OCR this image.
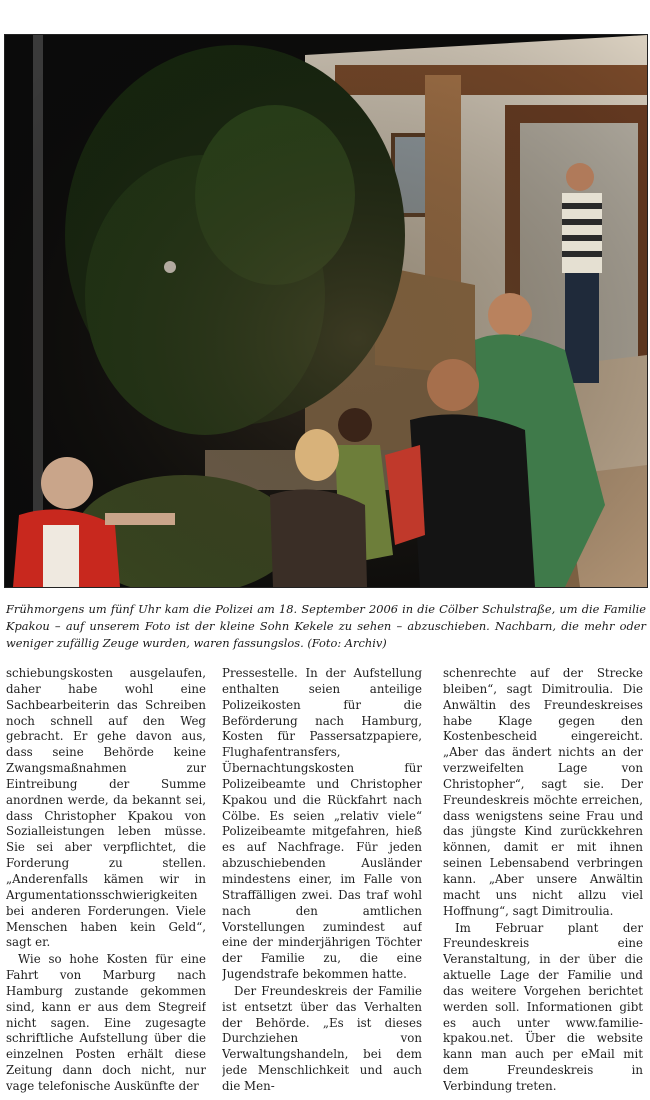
Frühmorgens um fünf Uhr kam die Polizei am 18. September 2006 in die Cölber Schulstraße, um die Familie Kpakou – auf unserem Foto ist der kleine Sohn Kekele zu sehen – abzuschieben. Nachbarn, die mehr oder weniger zufällig Zeuge wurden, waren fassungslos. (Foto: Archiv)

schiebungskosten ausgelaufen, daher habe wohl eine Sachbearbeiterin das Schreiben noch schnell auf den Weg gebracht. Er gehe davon aus, dass seine Behörde keine Zwangsmaßnahmen zur Eintreibung der Summe anordnen werde, da bekannt sei, dass Christopher Kpakou von Sozialleistungen leben müsse. Sie sei aber verpflichtet, die Forderung zu stellen. „Anderenfalls kämen wir in Argumentationsschwierigkeiten bei anderen Forderungen. Viele Menschen haben kein Geld“, sagt er.

Wie so hohe Kosten für eine Fahrt von Marburg nach Hamburg zustande gekommen sind, kann er aus dem Stegreif nicht sagen. Eine zugesagte schriftliche Aufstellung über die einzelnen Posten erhält diese Zeitung dann doch nicht, nur vage telefonische Auskünfte der

Pressestelle. In der Aufstellung enthalten seien anteilige Polizeikosten für die Beförderung nach Hamburg, Kosten für Passersatzpapiere, Flughafentransfers, Übernachtungskosten für Polizeibeamte und Christopher Kpakou und die Rückfahrt nach Cölbe. Es seien „relativ viele“ Polizeibeamte mitgefahren, hieß es auf Nachfrage. Für jeden abzuschiebenden Ausländer mindestens einer, im Falle von Straffälligen zwei. Das traf wohl nach den amtlichen Vorstellungen zumindest auf eine der minderjährigen Töchter der Familie zu, die eine Jugendstrafe bekommen hatte.

Der Freundeskreis der Familie ist entsetzt über das Verhalten der Behörde. „Es ist dieses Durchziehen von Verwaltungshandeln, bei dem jede Menschlichkeit und auch die Men-

schenrechte auf der Strecke bleiben“, sagt Dimitroulia. Die Anwältin des Freundeskreises habe Klage gegen den Kostenbescheid eingereicht. „Aber das ändert nichts an der verzweifelten Lage von Christopher“, sagt sie. Der Freundeskreis möchte erreichen, dass wenigstens seine Frau und das jüngste Kind zurückkehren können, damit er mit ihnen seinen Lebensabend verbringen kann. „Aber unsere Anwältin macht uns nicht allzu viel Hoffnung“, sagt Dimitroulia.

Im Februar plant der Freundeskreis eine Veranstaltung, in der über die aktuelle Lage der Familie und das weitere Vorgehen berichtet werden soll. Informationen gibt es auch unter www.familie-kpakou.net. Über die website kann man auch per eMail mit dem Freundeskreis in Verbindung treten.
